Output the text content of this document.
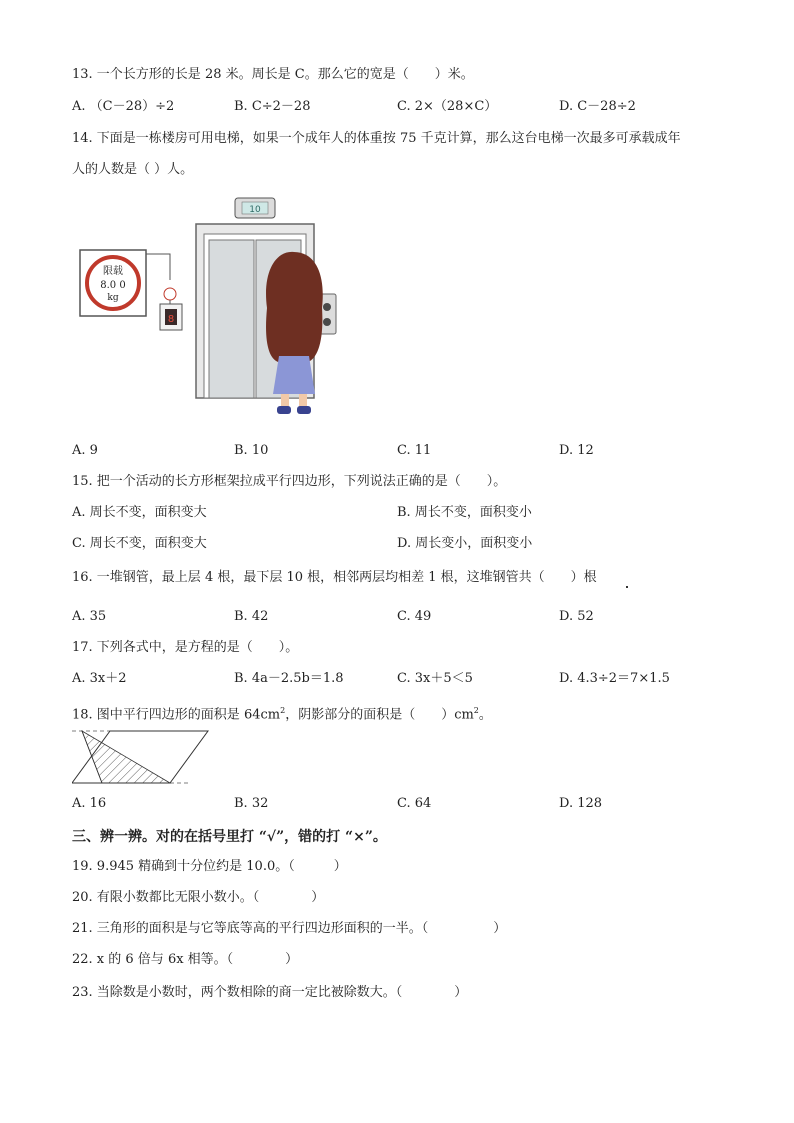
13. 一个长方形的长是 28 米。周长是 C。那么它的宽是（　　）米。
A. （C－28）÷2	B. C÷2－28	C. 2×（28×C）	D. C－28÷2
14. 下面是一栋楼房可用电梯，如果一个成年人的体重按 75 千克计算，那么这台电梯一次最多可承载成年
人的人数是（ ）人。
限载
8.0 0
kg
8
10
A. 9	B. 10	C. 11	D. 12
15. 把一个活动的长方形框架拉成平行四边形，下列说法正确的是（　　）。
A. 周长不变，面积变大	B. 周长不变，面积变小
C. 周长不变，面积变大	D. 周长变小，面积变小
16. 一堆钢管，最上层 4 根，最下层 10 根，相邻两层均相差 1 根，这堆钢管共（　　）根
A. 35	B. 42	C. 49	D. 52
17. 下列各式中，是方程的是（　　）。
A. 3x＋2	B. 4a－2.5b＝1.8	C. 3x＋5＜5	D. 4.3÷2＝7×1.5
18. 图中平行四边形的面积是 $64cm^2$，阴影部分的面积是（　　）$cm^2$。
A. 16	B. 32	C. 64	D. 128
三、辨一辨。对的在括号里打 “√”，错的打 “×”。
19. 9.945 精确到十分位约是 10.0。（　　　）
20. 有限小数都比无限小数小。（　　　　）
21. 三角形的面积是与它等底等高的平行四边形面积的一半。（　　　　　）
22. x 的 6 倍与 6x 相等。（　　　　）
23. 当除数是小数时，两个数相除的商一定比被除数大。（　　　　）
